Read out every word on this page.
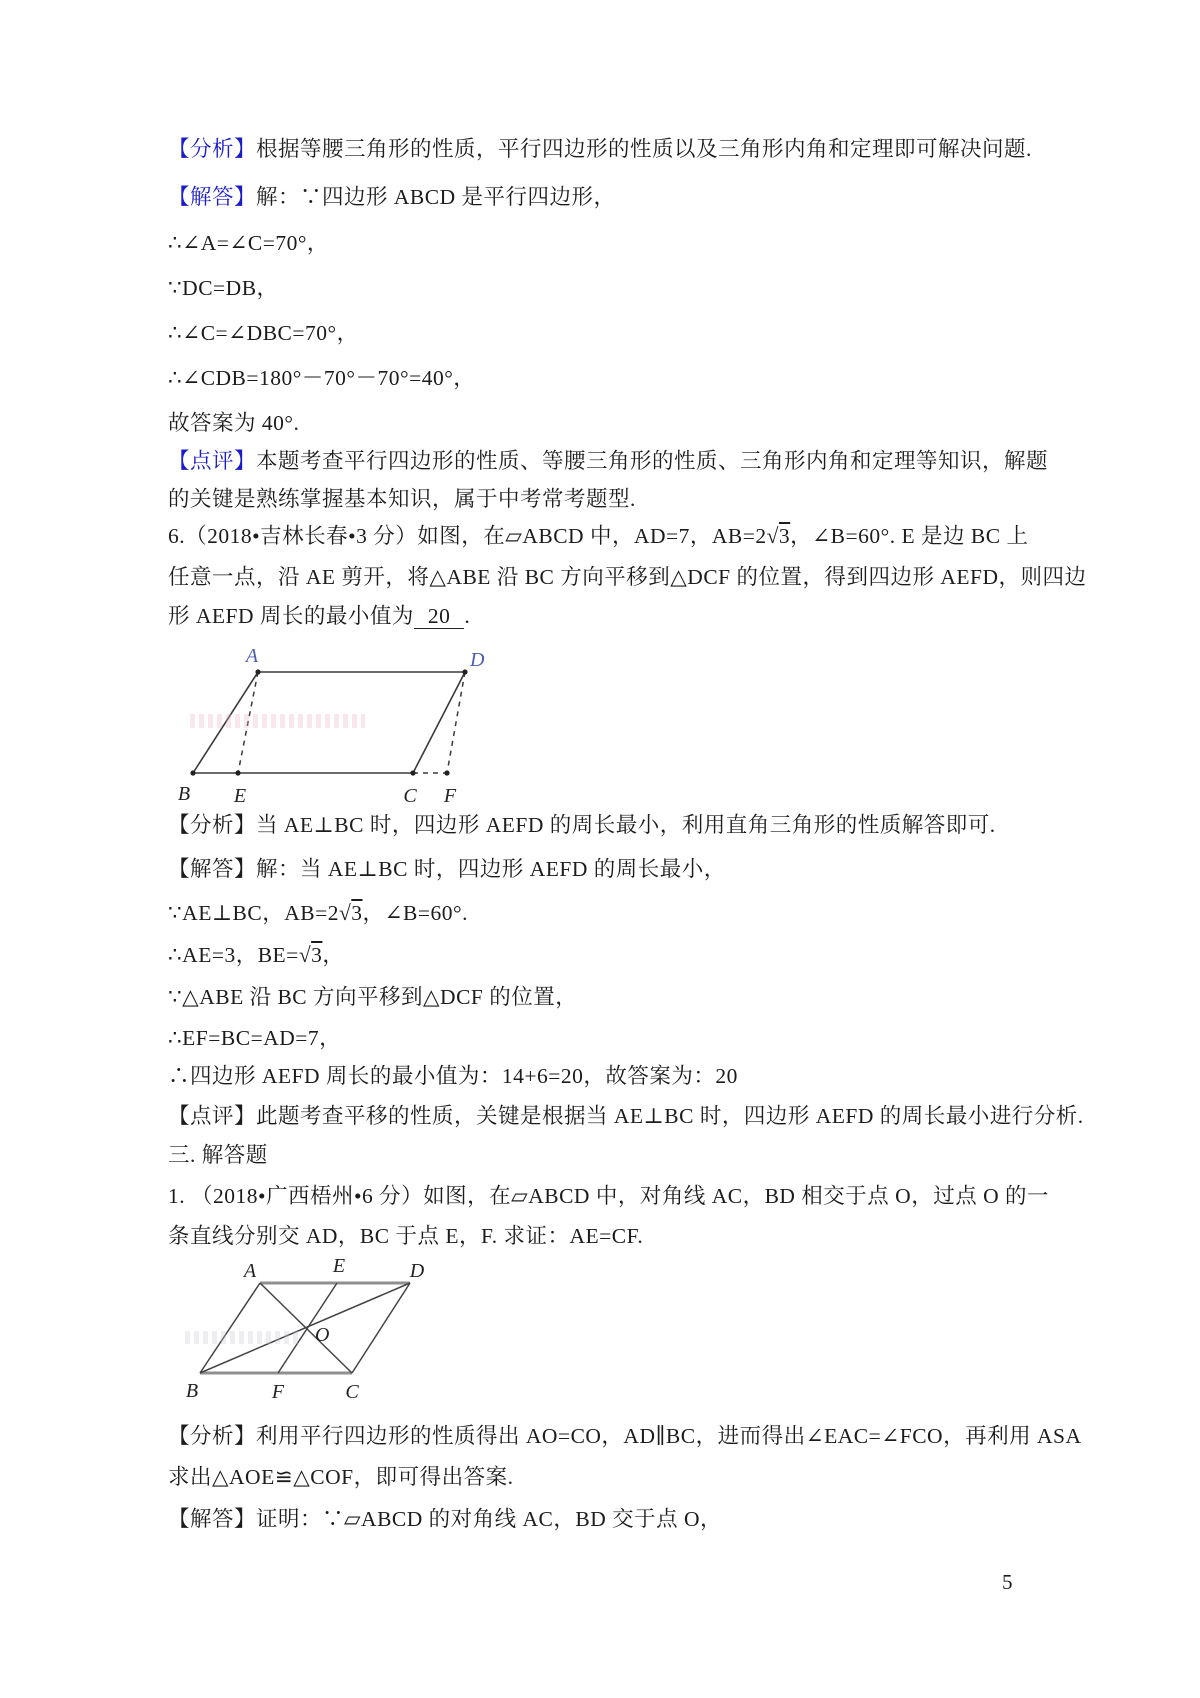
【分析】根据等腰三角形的性质，平行四边形的性质以及三角形内角和定理即可解决问题.
【解答】解：∵四边形 ABCD 是平行四边形，
∴∠A=∠C=70°，
∵DC=DB，
∴∠C=∠DBC=70°，
∴∠CDB=180°－70°－70°=40°，
故答案为 40°.
【点评】本题考查平行四边形的性质、等腰三角形的性质、三角形内角和定理等知识，解题
的关键是熟练掌握基本知识，属于中考常考题型.
6.（2018•吉林长春•3 分）如图，在▱ABCD 中，AD=7，AB=2√3，∠B=60°. E 是边 BC 上
任意一点，沿 AE 剪开，将△ABE 沿 BC 方向平移到△DCF 的位置，得到四边形 AEFD，则四边
形 AEFD 周长的最小值为 20 .
A	D
B E	C F
【分析】当 AE⊥BC 时，四边形 AEFD 的周长最小，利用直角三角形的性质解答即可.
【解答】解：当 AE⊥BC 时，四边形 AEFD 的周长最小，
∵AE⊥BC，AB=2√3，∠B=60°.
∴AE=3，BE=√3，
∵△ABE 沿 BC 方向平移到△DCF 的位置，
∴EF=BC=AD=7，
∴四边形 AEFD 周长的最小值为：14+6=20，故答案为：20
【点评】此题考查平移的性质，关键是根据当 AE⊥BC 时，四边形 AEFD 的周长最小进行分析.
三. 解答题
1. （2018•广西梧州•6 分）如图，在▱ABCD 中，对角线 AC，BD 相交于点 O，过点 O 的一
条直线分别交 AD，BC 于点 E，F. 求证：AE=CF.
A	E	D
B	F	C
O
【分析】利用平行四边形的性质得出 AO=CO，AD∥BC，进而得出∠EAC=∠FCO，再利用 ASA
求出△AOE≌△COF，即可得出答案.
【解答】证明：∵▱ABCD 的对角线 AC，BD 交于点 O，
5
